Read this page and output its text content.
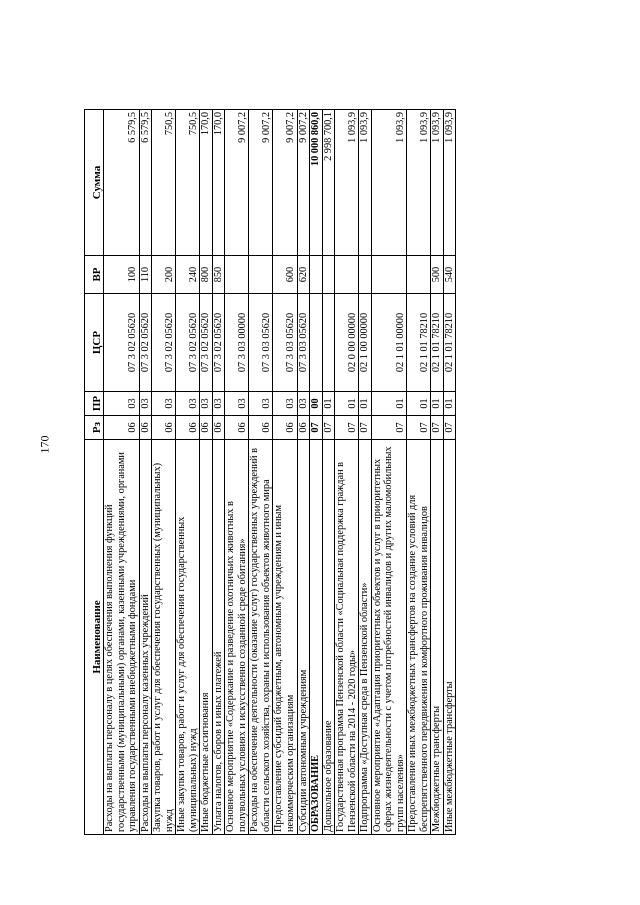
170
Наименование	Рз	ПР	ЦСР	ВР	Сумма
Расходы на выплаты персоналу в целях обеспечения выполнения функций государственными (муниципальными) органами, казенными учреждениями, органами управления государственными внебюджетными фондами	06	03	07 3 02 05620	100	6 579,5
Расходы на выплаты персоналу казенных учреждений	06	03	07 3 02 05620	110	6 579,5
Закупка товаров, работ и услуг для обеспечения государственных (муниципальных) нужд	06	03	07 3 02 05620	200	750,5
Иные закупки товаров, работ и услуг для обеспечения государственных (муниципальных) нужд	06	03	07 3 02 05620	240	750,5
Иные бюджетные ассигнования	06	03	07 3 02 05620	800	170,0
Уплата налогов, сборов и иных платежей	06	03	07 3 02 05620	850	170,0
Основное мероприятие «Содержание и разведение охотничьих животных в полувольных условиях и искусственно созданной среде обитания»	06	03	07 3 03 00000		9 007,2
Расходы на обеспечение деятельности (оказание услуг) государственных учреждений в области сельского хозяйства, охраны и использования объектов животного мира	06	03	07 3 03 05620		9 007,2
Предоставление субсидий бюджетным, автономным учреждениям и иным некоммерческим организациям	06	03	07 3 03 05620	600	9 007,2
Субсидии автономным учреждениям	06	03	07 3 03 05620	620	9 007,2
ОБРАЗОВАНИЕ	07	00			10 000 860,0
Дошкольное образование	07	01			2 998 700,1
Государственная программа Пензенской области «Социальная поддержка граждан в Пензенской области на 2014 - 2020 годы»	07	01	02 0 00 00000		1 093,9
Подпрограмма «Доступная среда в Пензенской области»	07	01	02 1 00 00000		1 093,9
Основное мероприятие «Адаптация приоритетных объектов и услуг в приоритетных сферах жизнедеятельности с учетом потребностей инвалидов и других маломобильных групп населения»	07	01	02 1 01 00000		1 093,9
Предоставление иных межбюджетных трансфертов на создание условий для беспрепятственного передвижения и комфортного проживания инвалидов	07	01	02 1 01 78210		1 093,9
Межбюджетные трансферты	07	01	02 1 01 78210	500	1 093,9
Иные межбюджетные трансферты	07	01	02 1 01 78210	540	1 093,9
